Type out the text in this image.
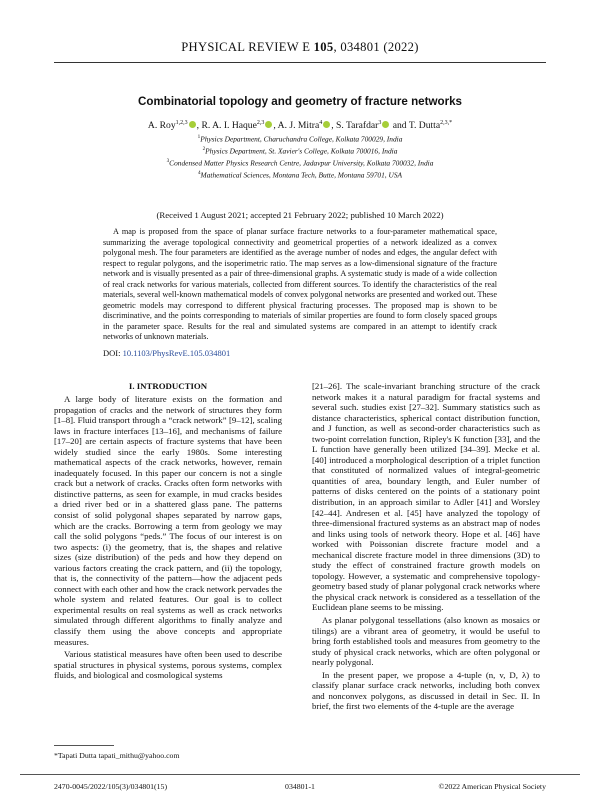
PHYSICAL REVIEW E 105, 034801 (2022)
Combinatorial topology and geometry of fracture networks
A. Roy$^{1,2,3}$ , R. A. I. Haque$^{2,3}$ , A. J. Mitra$^4$ , S. Tarafdar$^3$ and T. Dutta$^{2,3,*}$
$^1$Physics Department, Charuchandra College, Kolkata 700029, India
$^2$Physics Department, St. Xavier's College, Kolkata 700016, India
$^3$Condensed Matter Physics Research Centre, Jadavpur University, Kolkata 700032, India
$^4$Mathematical Sciences, Montana Tech, Butte, Montana 59701, USA
(Received 1 August 2021; accepted 21 February 2022; published 10 March 2022)
A map is proposed from the space of planar surface fracture networks to a four-parameter mathematical space, summarizing the average topological connectivity and geometrical properties of a network idealized as a convex polygonal mesh. The four parameters are identified as the average number of nodes and edges, the angular defect with respect to regular polygons, and the isoperimetric ratio. The map serves as a low-dimensional signature of the fracture network and is visually presented as a pair of three-dimensional graphs. A systematic study is made of a wide collection of real crack networks for various materials, collected from different sources. To identify the characteristics of the real materials, several well-known mathematical models of convex polygonal networks are presented and worked out. These geometric models may correspond to different physical fracturing processes. The proposed map is shown to be discriminative, and the points corresponding to materials of similar properties are found to form closely spaced groups in the parameter space. Results for the real and simulated systems are compared in an attempt to identify crack networks of unknown materials.
DOI: 10.1103/PhysRevE.105.034801
I. INTRODUCTION

A large body of literature exists on the formation and propagation of cracks and the network of structures they form [1–8]. Fluid transport through a “crack network” [9–12], scaling laws in fracture interfaces [13–16], and mechanisms of failure [17–20] are certain aspects of fracture systems that have been widely studied since the early 1980s. Some interesting mathematical aspects of the crack networks, however, remain inadequately focused. In this paper our concern is not a single crack but a network of cracks. Cracks often form networks with distinctive patterns, as seen for example, in mud cracks besides a dried river bed or in a shattered glass pane. The patterns consist of solid polygonal shapes separated by narrow gaps, which are the cracks. Borrowing a term from geology we may call the solid polygons “peds.” The focus of our interest is on two aspects: (i) the geometry, that is, the shapes and relative sizes (size distribution) of the peds and how they depend on various factors creating the crack pattern, and (ii) the topology, that is, the connectivity of the pattern—how the adjacent peds connect with each other and how the crack network pervades the whole system and related features. Our goal is to collect experimental results on real systems as well as crack networks simulated through different algorithms to finally analyze and classify them using the above concepts and appropriate measures.

Various statistical measures have often been used to describe spatial structures in physical systems, porous systems, complex fluids, and biological and cosmological systems

[21–26]. The scale-invariant branching structure of the crack network makes it a natural paradigm for fractal systems and several such. studies exist [27–32]. Summary statistics such as distance characteristics, spherical contact distribution function, and J function, as well as second-order characteristics such as two-point correlation function, Ripley's K function [33], and the L function have generally been utilized [34–39]. Mecke et al. [40] introduced a morphological description of a triplet function that constituted of normalized values of integral-geometric quantities of area, boundary length, and Euler number of patterns of disks centered on the points of a stationary point distribution, in an approach similar to Adler [41] and Worsley [42–44]. Andresen et al. [45] have analyzed the topology of three-dimensional fractured systems as an abstract map of nodes and links using tools of network theory. Hope et al. [46] have worked with Poissonian discrete fracture model and a mechanical discrete fracture model in three dimensions (3D) to study the effect of constrained fracture growth models on topology. However, a systematic and comprehensive topology-geometry based study of planar polygonal crack networks where the physical crack network is considered as a tessellation of the Euclidean plane seems to be missing.

As planar polygonal tessellations (also known as mosaics or tilings) are a vibrant area of geometry, it would be useful to bring forth established tools and measures from geometry to the study of physical crack networks, which are often polygonal or nearly polygonal.

In the present paper, we propose a 4-tuple (n, v, D, λ) to classify planar surface crack networks, including both convex and nonconvex polygons, as discussed in detail in Sec. II. In brief, the first two elements of the 4-tuple are the average

*Tapati Dutta tapati_mithu@yahoo.com
2470-0045/2022/105(3)/034801(15)	034801-1	©2022 American Physical Society
